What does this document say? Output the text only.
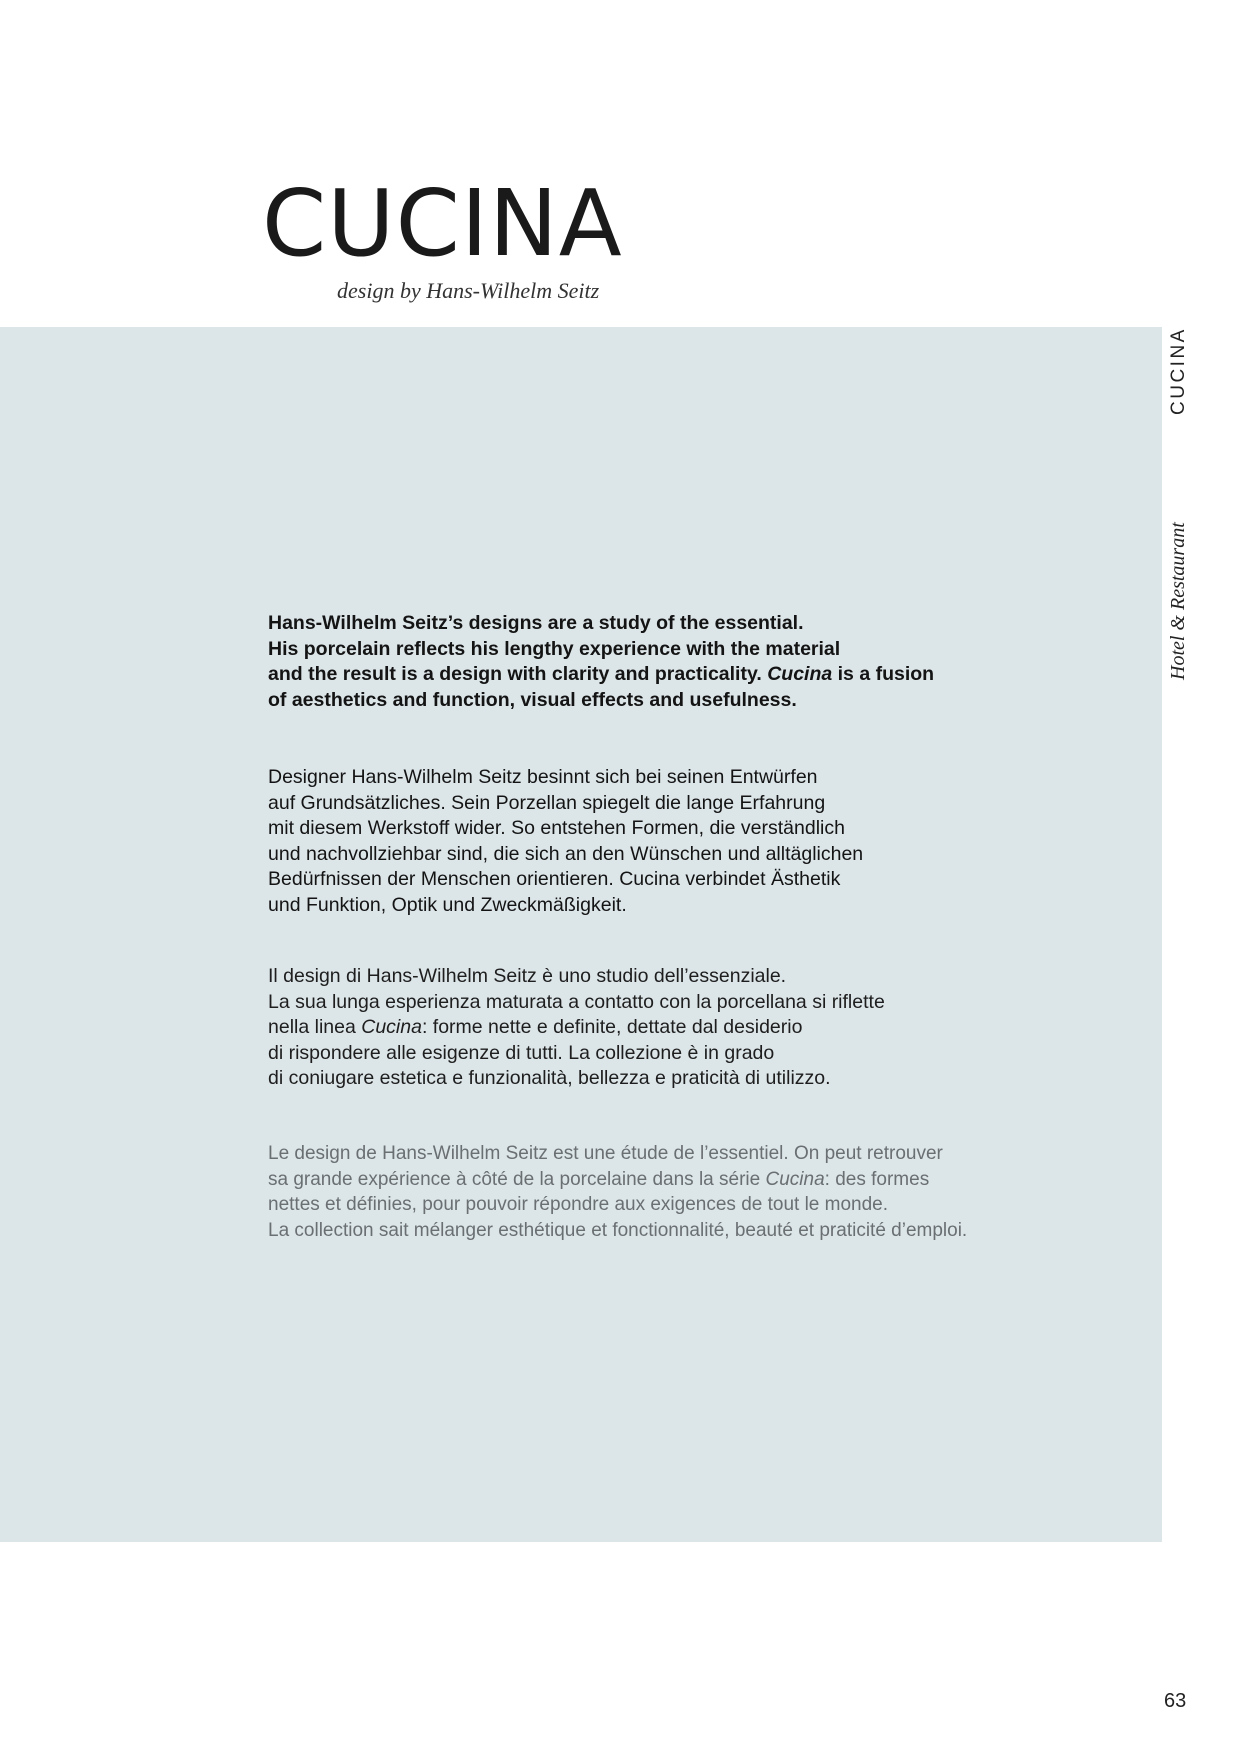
CUCINA
design by Hans-Wilhelm Seitz
CUCINA
Hotel & Restaurant

Hans-Wilhelm Seitz’s designs are a study of the essential.
His porcelain reflects his lengthy experience with the material
and the result is a design with clarity and practicality. Cucina is a fusion
of aesthetics and function, visual effects and usefulness.

Designer Hans-Wilhelm Seitz besinnt sich bei seinen Entwürfen
auf Grundsätzliches. Sein Porzellan spiegelt die lange Erfahrung
mit diesem Werkstoff wider. So entstehen Formen, die verständlich
und nachvollziehbar sind, die sich an den Wünschen und alltäglichen
Bedürfnissen der Menschen orientieren. Cucina verbindet Ästhetik
und Funktion, Optik und Zweckmäßigkeit.

Il design di Hans-Wilhelm Seitz è uno studio dell’essenziale.
La sua lunga esperienza maturata a contatto con la porcellana si riflette
nella linea Cucina: forme nette e definite, dettate dal desiderio
di rispondere alle esigenze di tutti. La collezione è in grado
di coniugare estetica e funzionalità, bellezza e praticità di utilizzo.

Le design de Hans-Wilhelm Seitz est une étude de l’essentiel. On peut retrouver
sa grande expérience à côté de la porcelaine dans la série Cucina: des formes
nettes et définies, pour pouvoir répondre aux exigences de tout le monde.
La collection sait mélanger esthétique et fonctionnalité, beauté et praticité d’emploi.

63
